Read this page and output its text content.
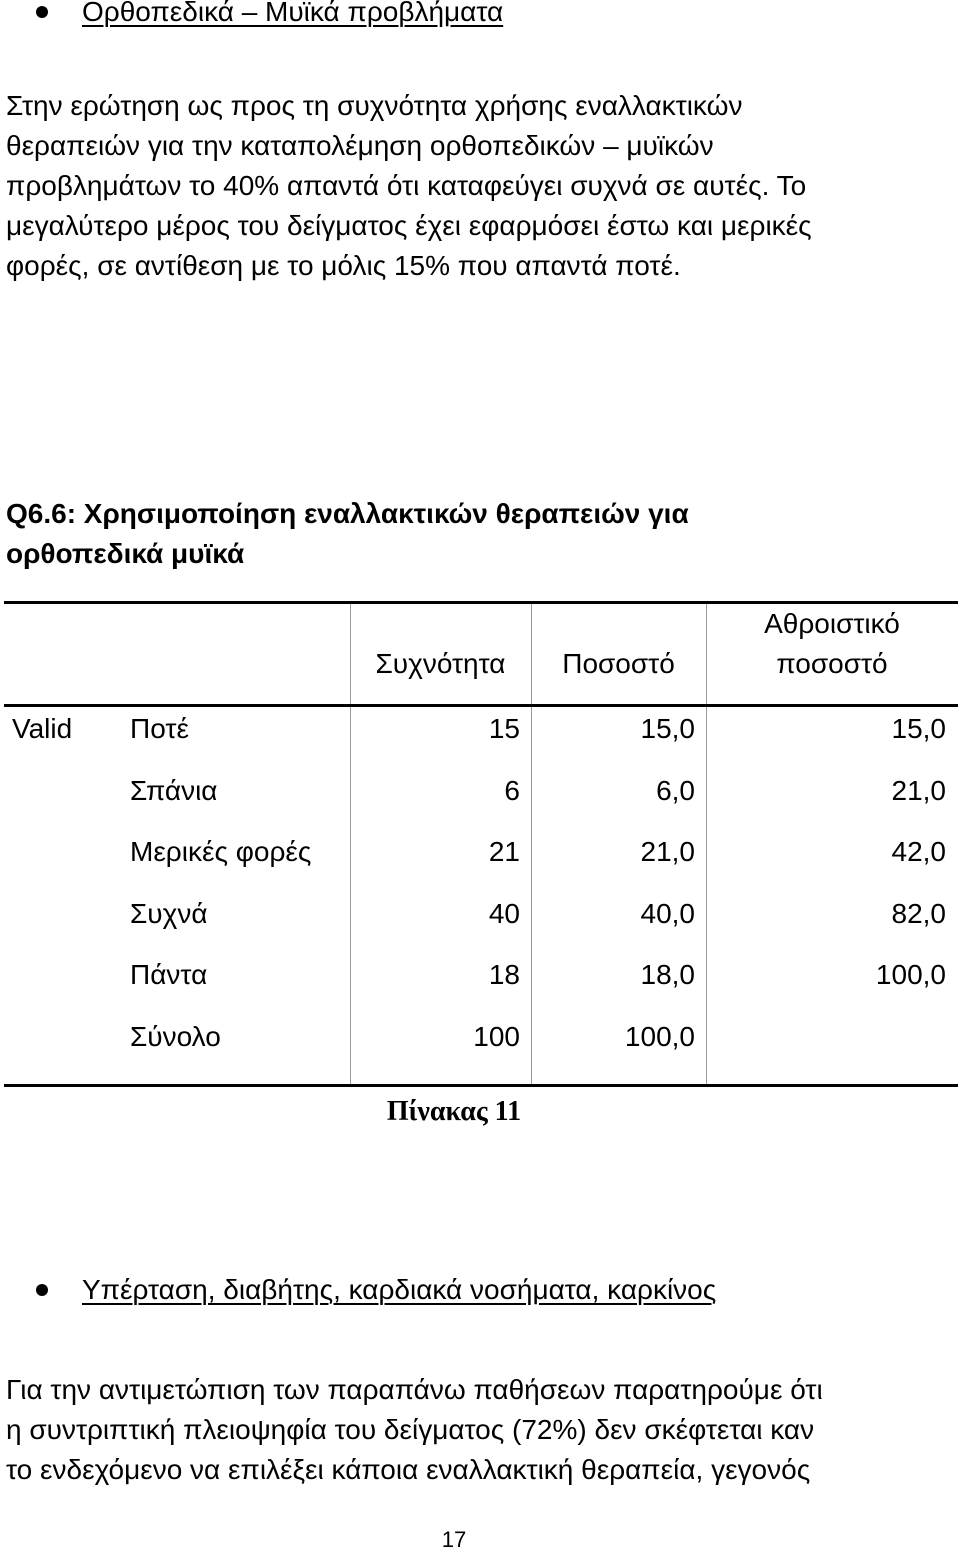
Ορθοπεδικά – Μυϊκά προβλήματα
Στην ερώτηση ως προς τη συχνότητα χρήσης εναλλακτικών
θεραπειών για την καταπολέμηση ορθοπεδικών – μυϊκών
προβλημάτων το 40% απαντά ότι καταφεύγει συχνά σε αυτές. Το
μεγαλύτερο μέρος του δείγματος έχει εφαρμόσει έστω και μερικές
φορές, σε αντίθεση με το μόλις 15% που απαντά ποτέ.
Q6.6: Χρησιμοποίηση εναλλακτικών θεραπειών για
ορθοπεδικά μυϊκά
Συχνότητα	Ποσοστό
Αθροιστικό
ποσοστό
Valid Ποτέ	15	15,0	15,0
Σπάνια	6	6,0	21,0
Μερικές φορές	21	21,0	42,0
Συχνά	40	40,0	82,0
Πάντα	18	18,0	100,0
Σύνολο	100	100,0
Πίνακας 11
Υπέρταση, διαβήτης, καρδιακά νοσήματα, καρκίνος
Για την αντιμετώπιση των παραπάνω παθήσεων παρατηρούμε ότι
η συντριπτική πλειοψηφία του δείγματος (72%) δεν σκέφτεται καν
το ενδεχόμενο να επιλέξει κάποια εναλλακτική θεραπεία, γεγονός
17
